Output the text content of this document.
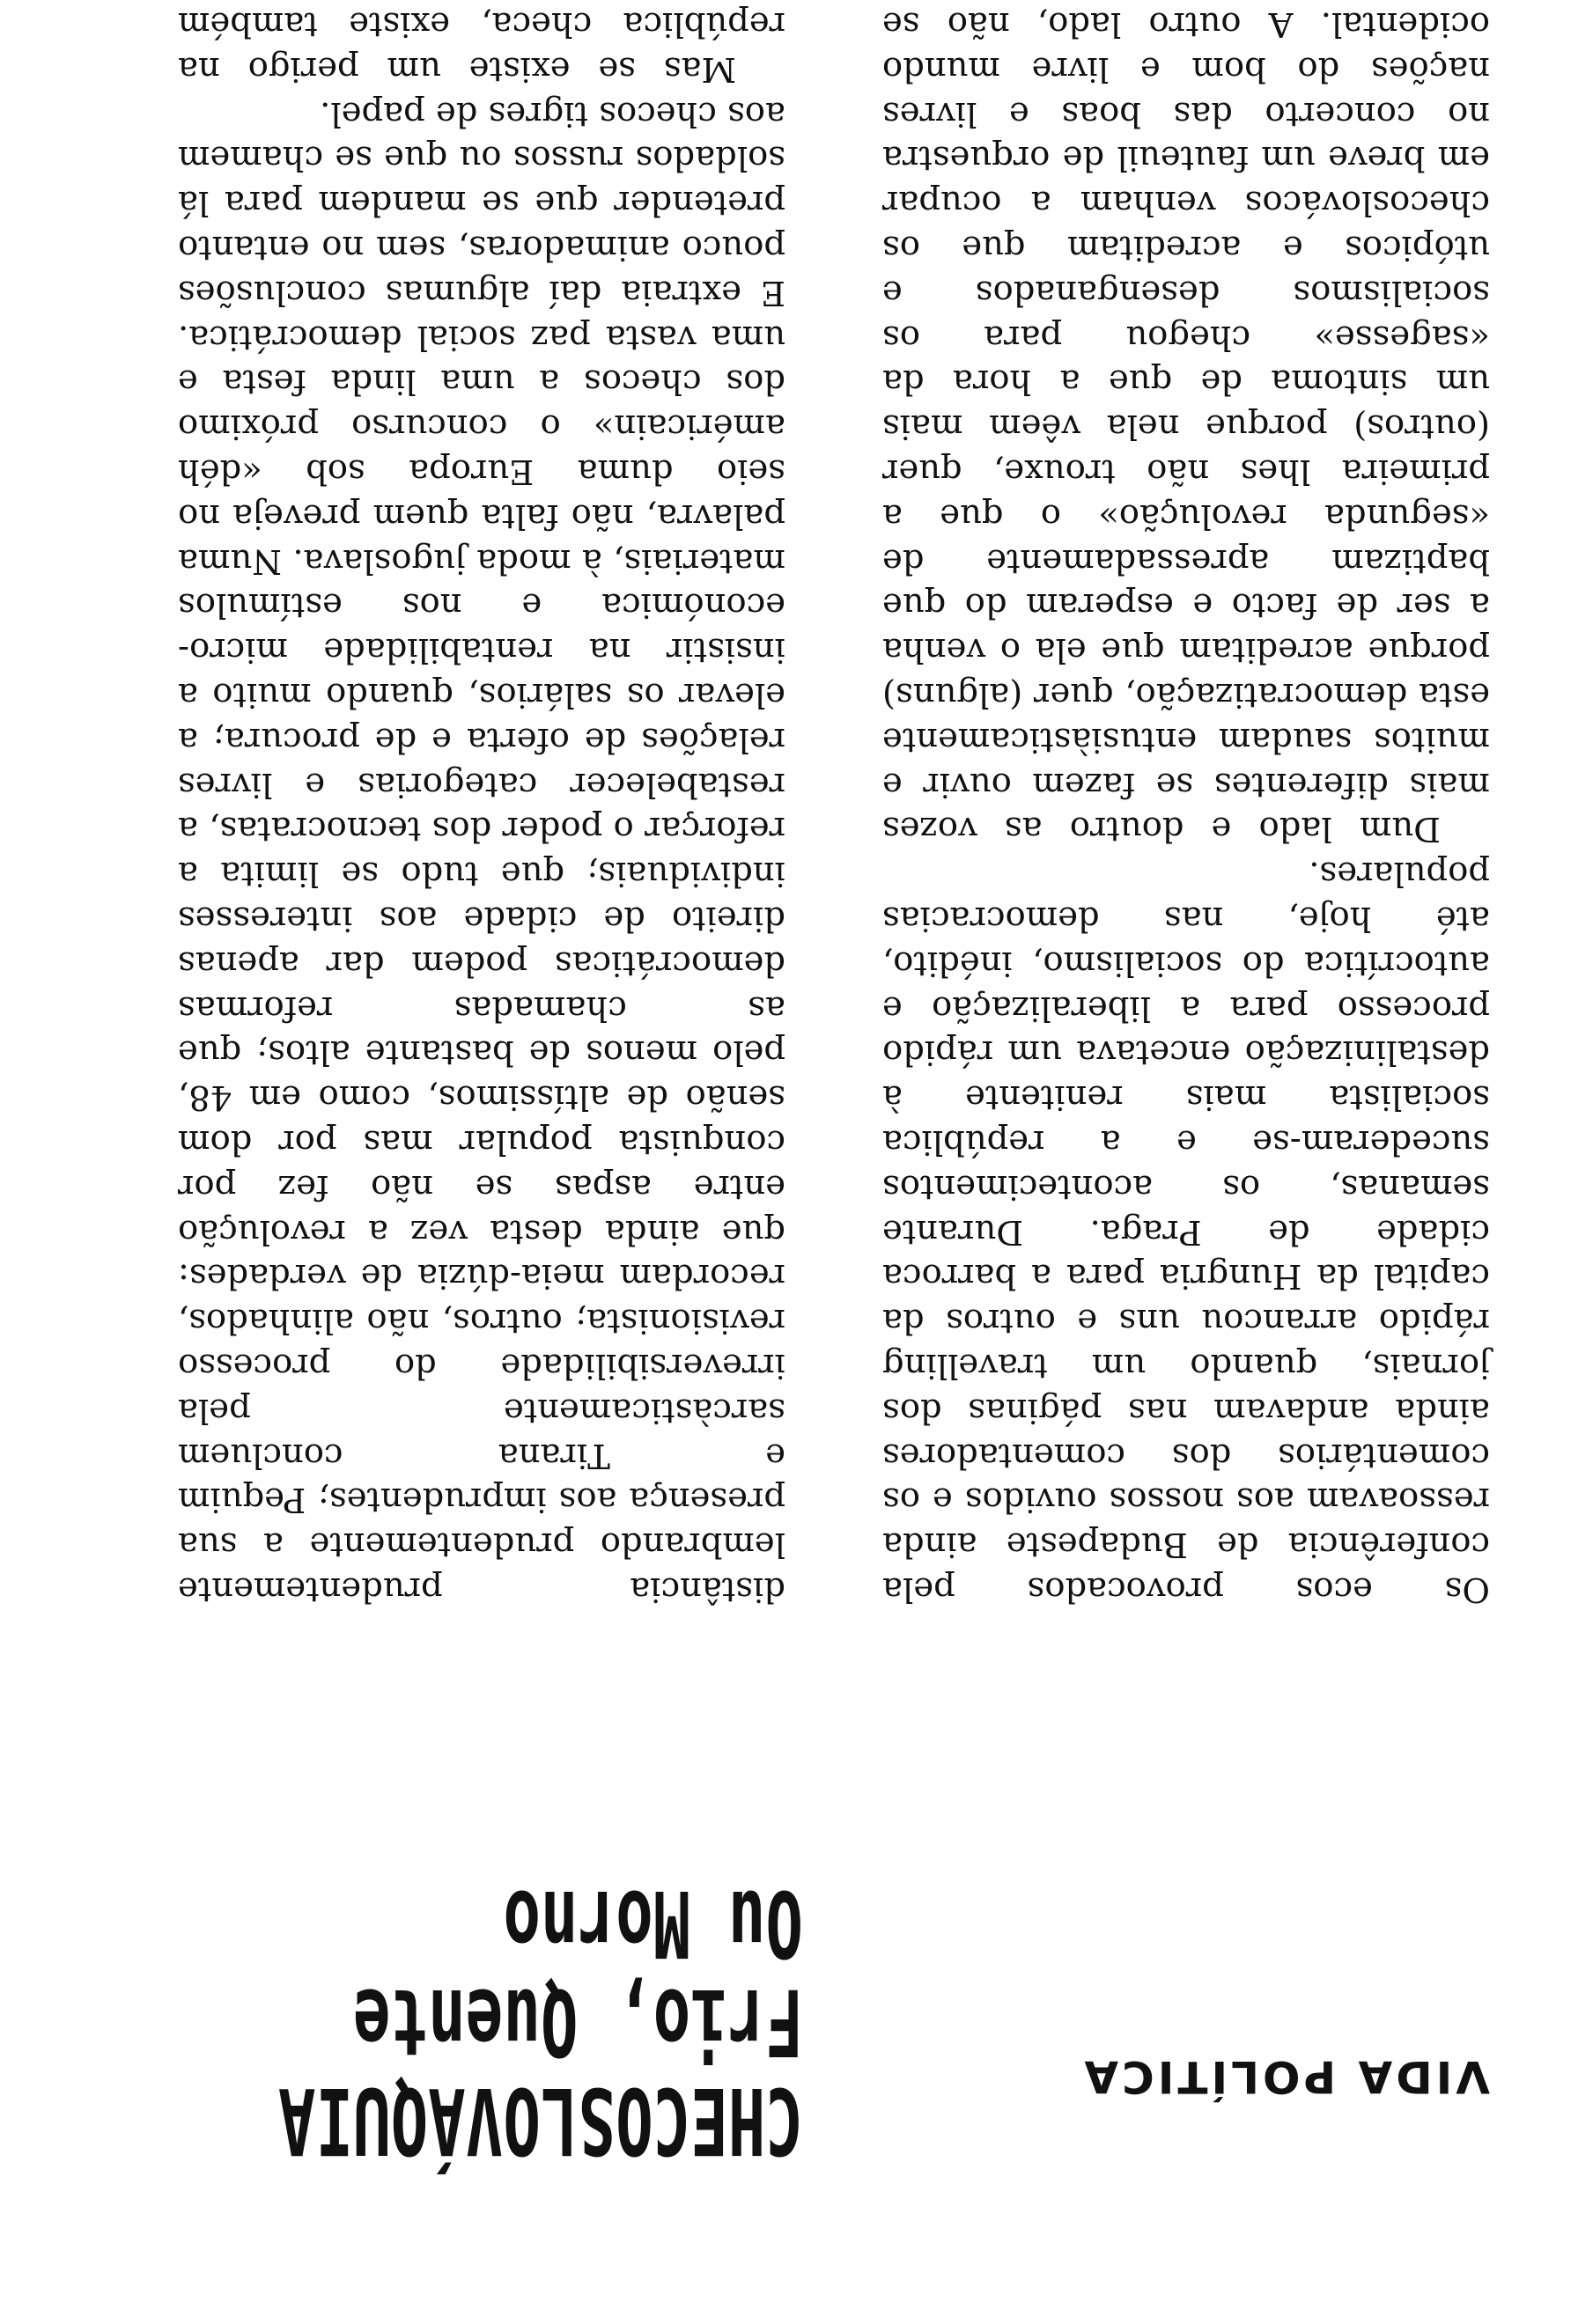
VIDA POLÍTICA
CHECOSLOVÁQUIA
Frio, Quente
Ou Morno

Os ecos provocados pela conferência de Budapeste ainda ressoavam aos nossos ouvidos e os comentários dos comentadores ainda andavam nas páginas dos jornais, quando um travelling rápido arrancou uns e outros da capital da Hungria para a barroca cidade de Praga. Durante semanas, os acontecimentos sucederam-se e a república socialista mais renitente à destalinização encetava um rápido processo para a liberalização e autocrítica do socialismo, inédito, até hoje, nas democracias populares.

Dum lado e doutro as vozes mais diferentes se fazem ouvir e muitos saudam entusiàsticamente esta democratização, quer (alguns) porque acreditam que ela o venha a ser de facto e esperam do que baptizam apressadamente de «segunda revolução» o que a primeira lhes não trouxe, quer (outros) porque nela vêem mais um sintoma de que a hora da «sagesse» chegou para os socialismos desenganados e utópicos e acreditam que os checoslovácos venham a ocupar em breve um fauteuil de orquestra no concerto das boas e livres nações do bom e livre mundo ocidental. A outro lado, não se

distância prudentemente lembrando prudentemente a sua presença aos imprudentes; Pequim e Tirana concluem sarcàsticamente pela irreversibilidade do processo revisionista; outros, não alinhados, recordam meia-dúzia de verdades: que ainda desta vez a revolução entre aspas se não fez por conquista popular mas por dom senão de altíssimos, como em 48, pelo menos de bastante altos; que as chamadas reformas democráticas podem dar apenas direito de cidade aos interesses individuais; que tudo se limita a reforçar o poder dos tecnocratas, a restabelecer categorias e livres relações de oferta e de procura; a elevar os salários, quando muito a insistir na rentabilidade micro-económica e nos estímulos materiais, à moda jugoslava. Numa palavra, não falta quem preveja no seio duma Europa sob «déh américain» o concurso próximo dos checos a uma linda festa e uma vasta paz social democrática. E extraia daí algumas conclusões pouco animadoras, sem no entanto pretender que se mandem para lá soldados russos ou que se chamem aos checos tigres de papel.

Mas se existe um perigo na república checa, existe também
